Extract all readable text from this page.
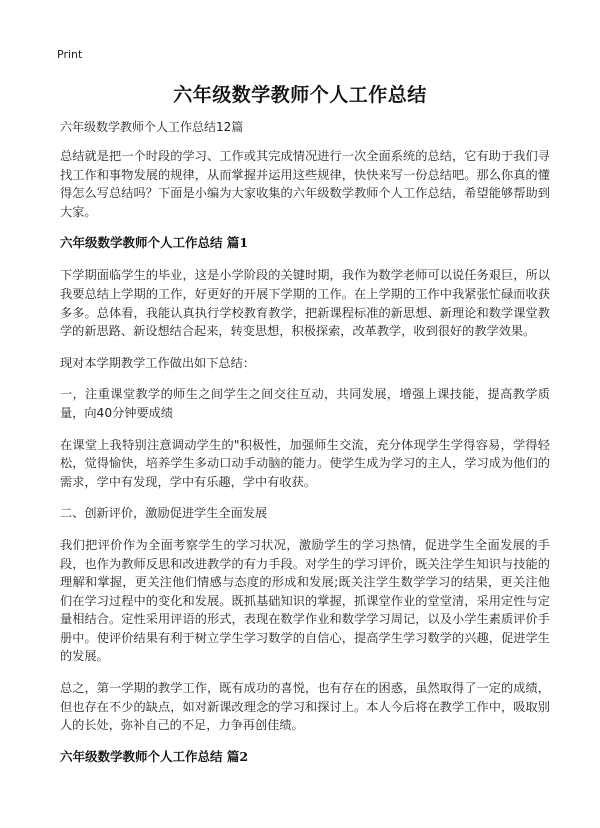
Print
六年级数学教师个人工作总结
六年级数学教师个人工作总结12篇
总结就是把一个时段的学习、工作或其完成情况进行一次全面系统的总结，它有助于我们寻找工作和事物发展的规律，从而掌握并运用这些规律，快快来写一份总结吧。那么你真的懂得怎么写总结吗？下面是小编为大家收集的六年级数学教师个人工作总结，希望能够帮助到大家。
六年级数学教师个人工作总结 篇1
下学期面临学生的毕业，这是小学阶段的关键时期，我作为数学老师可以说任务艰巨，所以我要总结上学期的工作，好更好的开展下学期的工作。在上学期的工作中我紧张忙碌而收获多多。总体看，我能认真执行学校教育教学，把新课程标准的新思想、新理论和数学课堂教学的新思路、新设想结合起来，转变思想，积极探索，改革教学，收到很好的教学效果。
现对本学期教学工作做出如下总结：
一，注重课堂教学的师生之间学生之间交往互动，共同发展，增强上课技能，提高教学质量，向40分钟要成绩
在课堂上我特别注意调动学生的"积极性，加强师生交流，充分体现学生学得容易，学得轻松，觉得愉快，培养学生多动口动手动脑的能力。使学生成为学习的主人，学习成为他们的需求，学中有发现，学中有乐趣，学中有收获。
二、创新评价，激励促进学生全面发展
我们把评价作为全面考察学生的学习状况，激励学生的学习热情，促进学生全面发展的手段，也作为教师反思和改进教学的有力手段。对学生的学习评价，既关注学生知识与技能的理解和掌握，更关注他们情感与态度的形成和发展;既关注学生数学学习的结果，更关注他们在学习过程中的变化和发展。既抓基础知识的掌握，抓课堂作业的堂堂清，采用定性与定量相结合。定性采用评语的形式，表现在数学作业和数学学习周记，以及小学生素质评价手册中。使评价结果有利于树立学生学习数学的自信心，提高学生学习数学的兴趣，促进学生的发展。
总之，第一学期的教学工作，既有成功的喜悦，也有存在的困惑，虽然取得了一定的成绩，但也存在不少的缺点，如对新课改理念的学习和探讨上。本人今后将在教学工作中，吸取别人的长处，弥补自己的不足，力争再创佳绩。
六年级数学教师个人工作总结 篇2
